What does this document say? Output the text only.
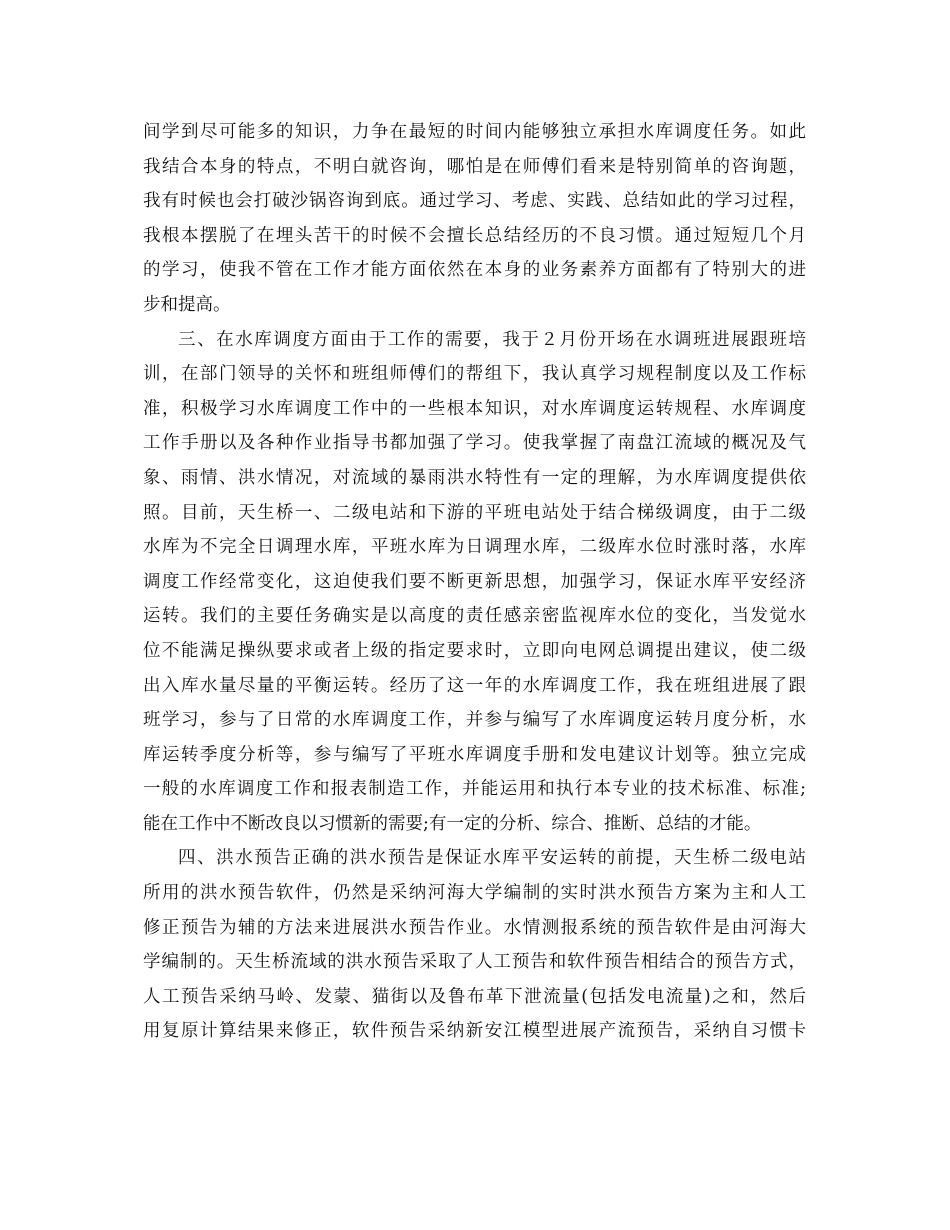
间学到尽可能多的知识，力争在最短的时间内能够独立承担水库调度任务。如此
我结合本身的特点，不明白就咨询，哪怕是在师傅们看来是特别简单的咨询题，
我有时候也会打破沙锅咨询到底。通过学习、考虑、实践、总结如此的学习过程，
我根本摆脱了在埋头苦干的时候不会擅长总结经历的不良习惯。通过短短几个月
的学习，使我不管在工作才能方面依然在本身的业务素养方面都有了特别大的进
步和提高。
三、在水库调度方面由于工作的需要，我于２月份开场在水调班进展跟班培
训，在部门领导的关怀和班组师傅们的帮组下，我认真学习规程制度以及工作标
准，积极学习水库调度工作中的一些根本知识，对水库调度运转规程、水库调度
工作手册以及各种作业指导书都加强了学习。使我掌握了南盘江流域的概况及气
象、雨情、洪水情况，对流域的暴雨洪水特性有一定的理解，为水库调度提供依
照。目前，天生桥一、二级电站和下游的平班电站处于结合梯级调度，由于二级
水库为不完全日调理水库，平班水库为日调理水库，二级库水位时涨时落，水库
调度工作经常变化，这迫使我们要不断更新思想，加强学习，保证水库平安经济
运转。我们的主要任务确实是以高度的责任感亲密监视库水位的变化，当发觉水
位不能满足操纵要求或者上级的指定要求时，立即向电网总调提出建议，使二级
出入库水量尽量的平衡运转。经历了这一年的水库调度工作，我在班组进展了跟
班学习，参与了日常的水库调度工作，并参与编写了水库调度运转月度分析，水
库运转季度分析等，参与编写了平班水库调度手册和发电建议计划等。独立完成
一般的水库调度工作和报表制造工作，并能运用和执行本专业的技术标准、标准;
能在工作中不断改良以习惯新的需要;有一定的分析、综合、推断、总结的才能。
四、洪水预告正确的洪水预告是保证水库平安运转的前提，天生桥二级电站
所用的洪水预告软件，仍然是采纳河海大学编制的实时洪水预告方案为主和人工
修正预告为辅的方法来进展洪水预告作业。水情测报系统的预告软件是由河海大
学编制的。天生桥流域的洪水预告采取了人工预告和软件预告相结合的预告方式，
人工预告采纳马岭、发蒙、猫街以及鲁布革下泄流量(包括发电流量)之和，然后
用复原计算结果来修正，软件预告采纳新安江模型进展产流预告，采纳自习惯卡
